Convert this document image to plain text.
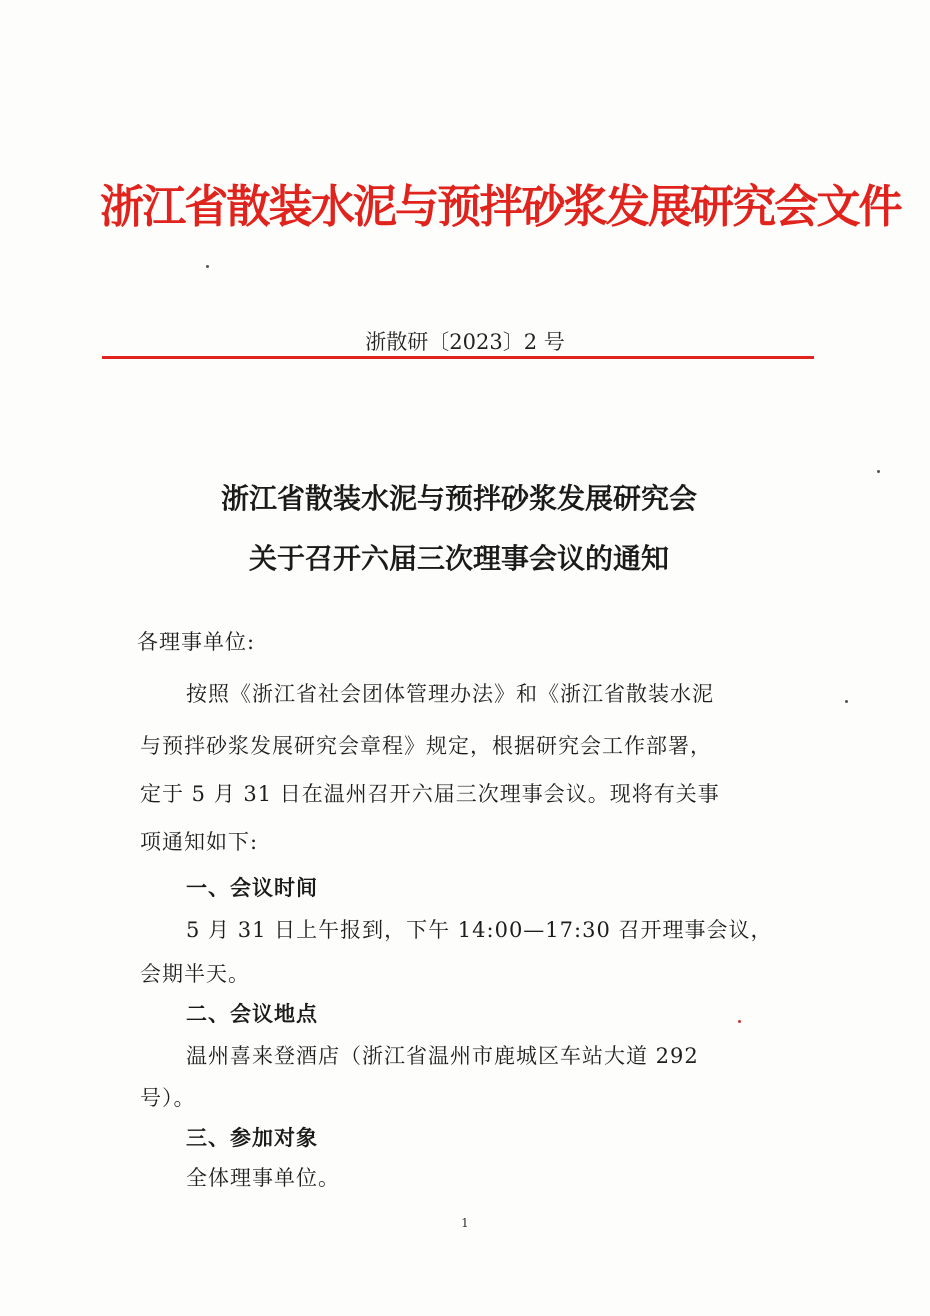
浙江省散装水泥与预拌砂浆发展研究会文件
浙散研〔2023〕2 号
浙江省散装水泥与预拌砂浆发展研究会
关于召开六届三次理事会议的通知
各理事单位:
按照《浙江省社会团体管理办法》和《浙江省散装水泥
与预拌砂浆发展研究会章程》规定，根据研究会工作部署，
定于 5 月 31 日在温州召开六届三次理事会议。现将有关事
项通知如下:
一、会议时间
5 月 31 日上午报到，下午 14:00—17:30 召开理事会议，
会期半天。
二、会议地点
温州喜来登酒店（浙江省温州市鹿城区车站大道 292
号）。
三、参加对象
全体理事单位。
1
